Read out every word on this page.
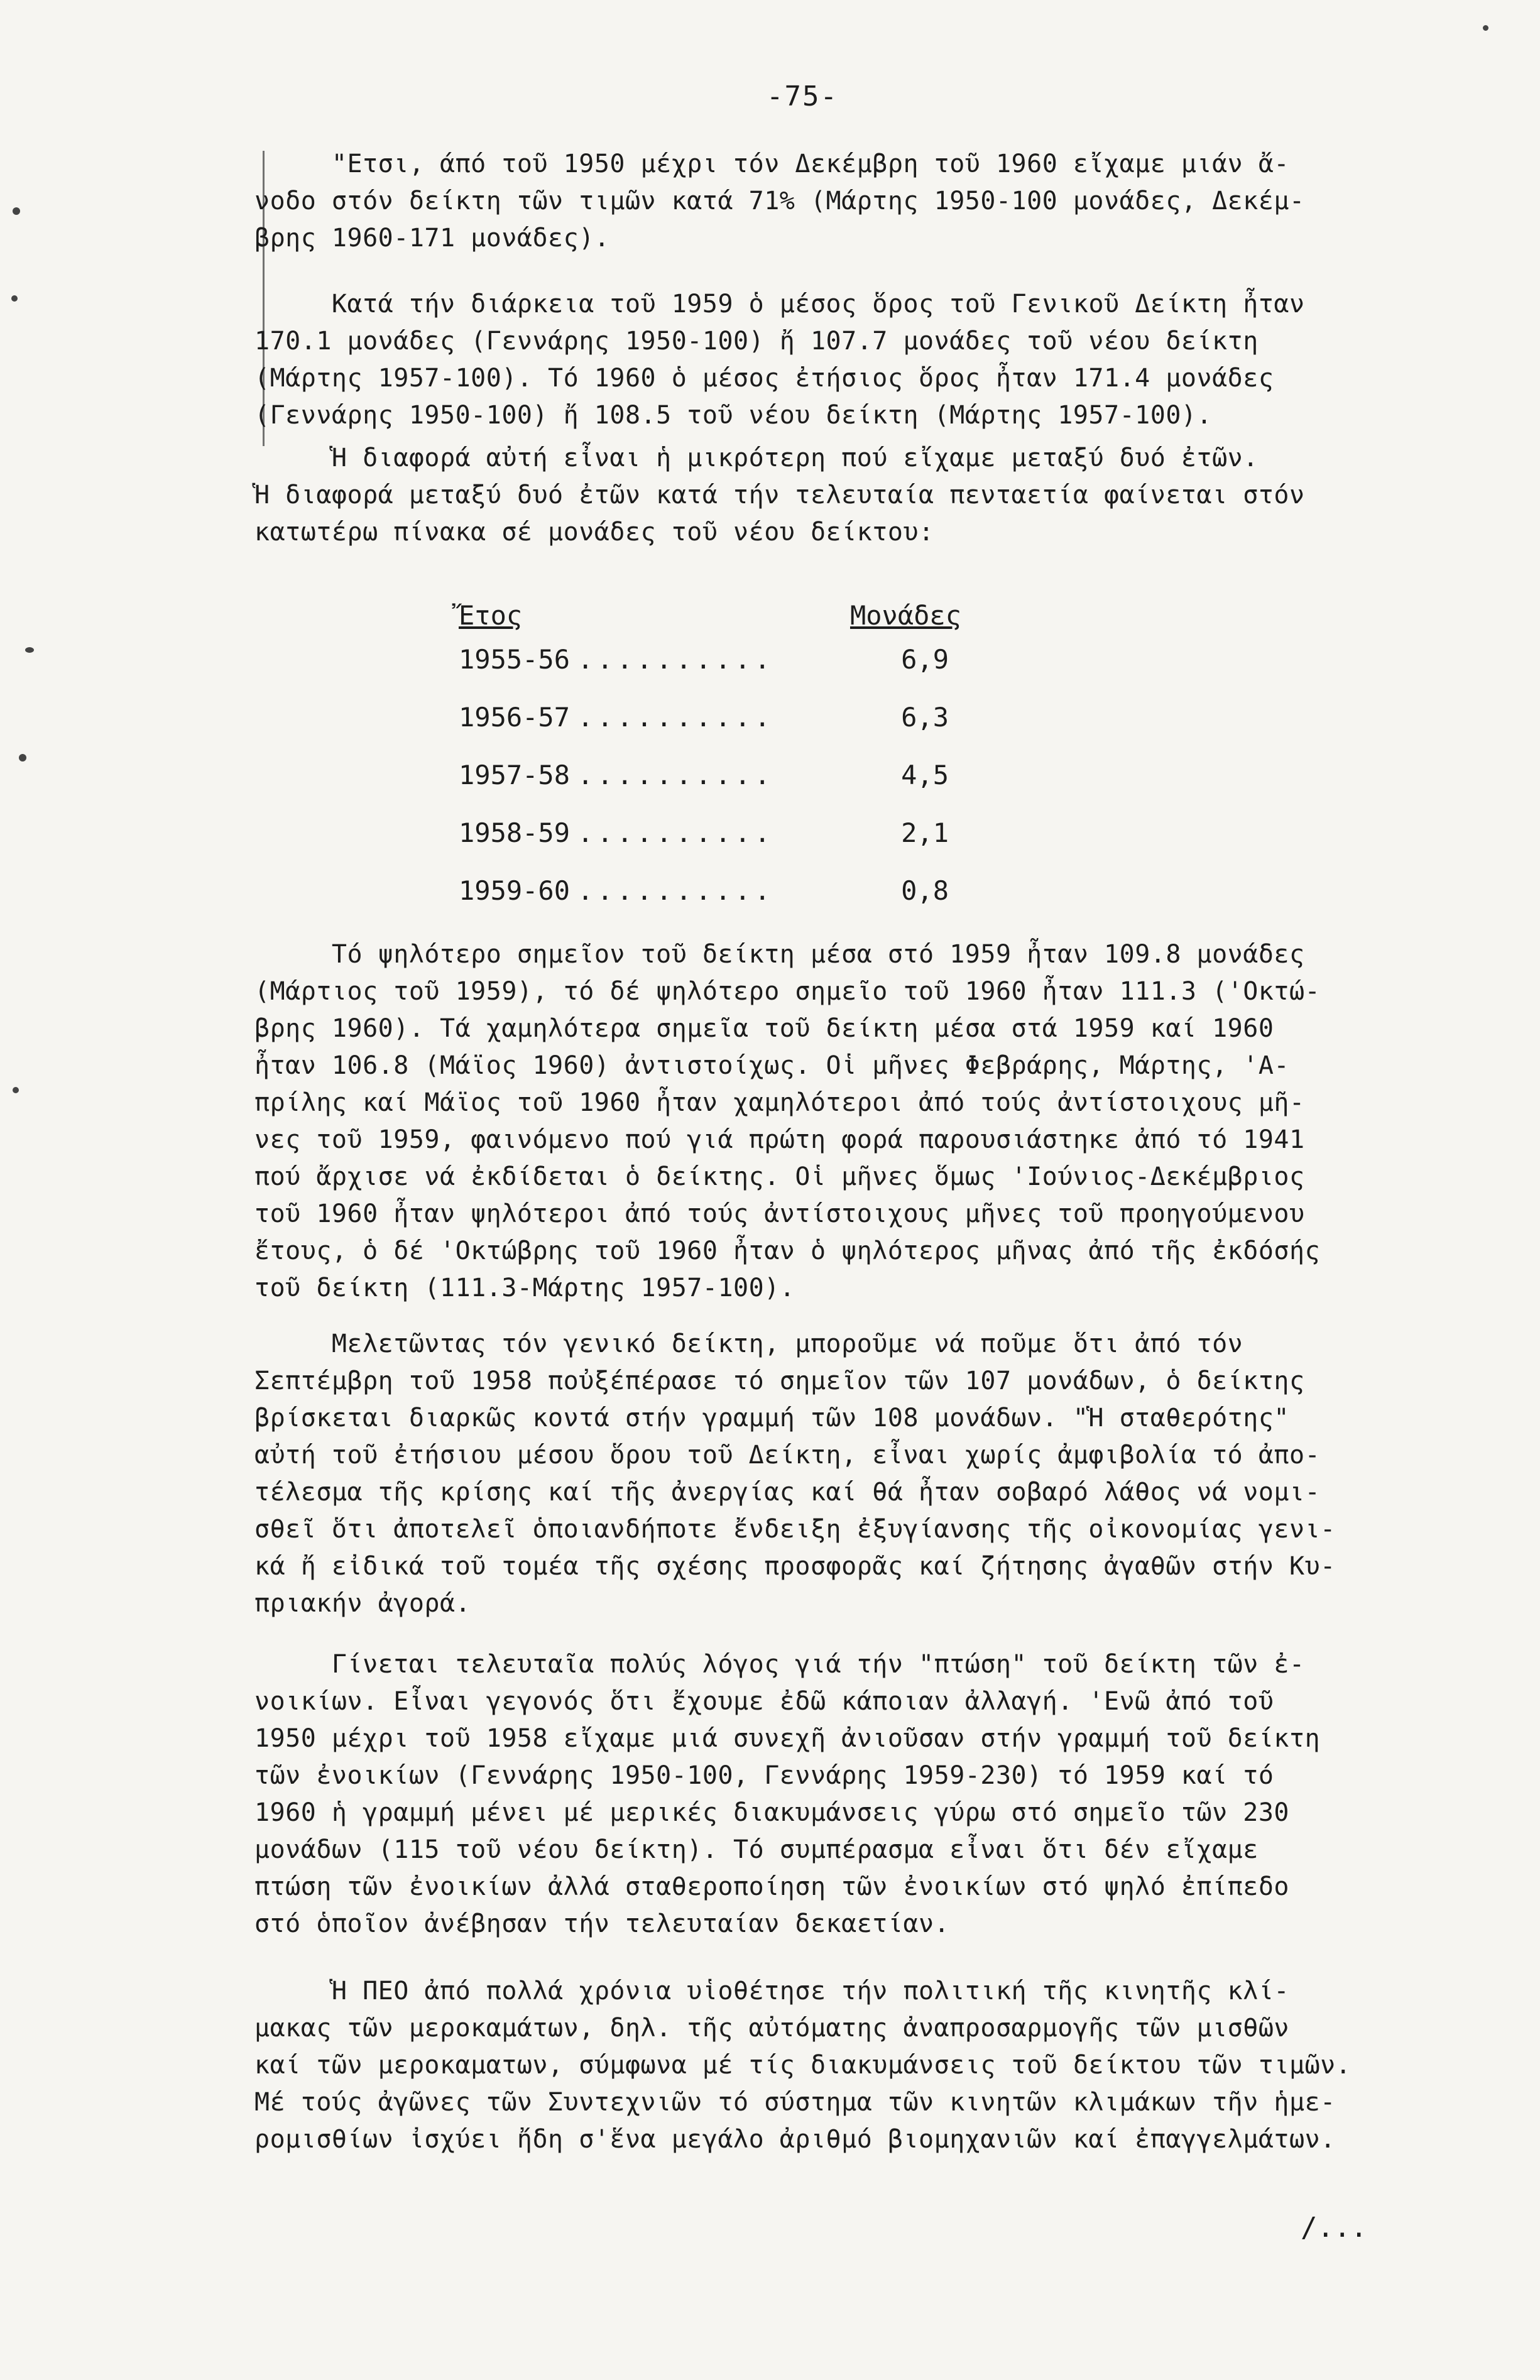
-75-
"Ετσι, άπό τοῦ 1950 μέχρι τόν Δεκέμβρη τοῦ 1960 εἴχαμε μιάν ἄ-
νοδο στόν δείκτη τῶν τιμῶν κατά 71% (Μάρτης 1950-100 μονάδες, Δεκέμ-
βρης 1960-171 μονάδες).
Κατά τήν διάρκεια τοῦ 1959 ὁ μέσος ὅρος τοῦ Γενικοῦ Δείκτη ἦταν
170.1 μονάδες (Γεννάρης 1950-100) ἤ 107.7 μονάδες τοῦ νέου δείκτη
(Μάρτης 1957-100). Τό 1960 ὁ μέσος ἐτήσιος ὅρος ἦταν 171.4 μονάδες
(Γεννάρης 1950-100) ἤ 108.5 τοῦ νέου δείκτη (Μάρτης 1957-100).
Ἡ διαφορά αὐτή εἶναι ἡ μικρότερη πού εἴχαμε μεταξύ δυό ἐτῶν.
Ἡ διαφορά μεταξύ δυό ἐτῶν κατά τήν τελευταία πενταετία φαίνεται στόν
κατωτέρω πίνακα σέ μονάδες τοῦ νέου δείκτου:
Ἔτος	Μονάδες
1955-56 ..........	6,9
1956-57 ..........	6,3
1957-58 ..........	4,5
1958-59 ..........	2,1
1959-60 ..........	0,8
Τό ψηλότερο σημεῖον τοῦ δείκτη μέσα στό 1959 ἦταν 109.8 μονάδες
(Μάρτιος τοῦ 1959), τό δέ ψηλότερο σημεῖο τοῦ 1960 ἦταν 111.3 ('Οκτώ-
βρης 1960). Τά χαμηλότερα σημεῖα τοῦ δείκτη μέσα στά 1959 καί 1960
ἦταν 106.8 (Μάϊος 1960) ἀντιστοίχως. Οἱ μῆνες Φεβράρης, Μάρτης, 'Α-
πρίλης καί Μάϊος τοῦ 1960 ἦταν χαμηλότεροι ἀπό τούς ἀντίστοιχους μῆ-
νες τοῦ 1959, φαινόμενο πού γιά πρώτη φορά παρουσιάστηκε ἀπό τό 1941
πού ἄρχισε νά ἐκδίδεται ὁ δείκτης. Οἱ μῆνες ὅμως 'Ιούνιος-Δεκέμβριος
τοῦ 1960 ἦταν ψηλότεροι ἀπό τούς ἀντίστοιχους μῆνες τοῦ προηγούμενου
ἔτους, ὁ δέ 'Οκτώβρης τοῦ 1960 ἦταν ὁ ψηλότερος μῆνας ἀπό τῆς ἐκδόσής
τοῦ δείκτη (111.3-Μάρτης 1957-100).
Μελετῶντας τόν γενικό δείκτη, μποροῦμε νά ποῦμε ὅτι ἀπό τόν
Σεπτέμβρη τοῦ 1958 ποὐξέπέρασε τό σημεῖον τῶν 107 μονάδων, ὁ δείκτης
βρίσκεται διαρκῶς κοντά στήν γραμμή τῶν 108 μονάδων. "Ἡ σταθερότης"
αὐτή τοῦ ἐτήσιου μέσου ὅρου τοῦ Δείκτη, εἶναι χωρίς ἀμφιβολία τό ἀπο-
τέλεσμα τῆς κρίσης καί τῆς ἀνεργίας καί θά ἦταν σοβαρό λάθος νά νομι-
σθεῖ ὅτι ἀποτελεῖ ὁποιανδήποτε ἔνδειξη ἐξυγίανσης τῆς οἰκονομίας γενι-
κά ἤ εἰδικά τοῦ τομέα τῆς σχέσης προσφορᾶς καί ζήτησης ἀγαθῶν στήν Κυ-
πριακήν ἀγορά.
Γίνεται τελευταῖα πολύς λόγος γιά τήν "πτώση" τοῦ δείκτη τῶν ἐ-
νοικίων. Εἶναι γεγονός ὅτι ἔχουμε ἐδῶ κάποιαν ἀλλαγή. 'Ενῶ ἀπό τοῦ
1950 μέχρι τοῦ 1958 εἴχαμε μιά συνεχῆ ἀνιοῦσαν στήν γραμμή τοῦ δείκτη
τῶν ἐνοικίων (Γεννάρης 1950-100, Γεννάρης 1959-230) τό 1959 καί τό
1960 ἡ γραμμή μένει μέ μερικές διακυμάνσεις γύρω στό σημεῖο τῶν 230
μονάδων (115 τοῦ νέου δείκτη). Τό συμπέρασμα εἶναι ὅτι δέν εἴχαμε
πτώση τῶν ἐνοικίων ἀλλά σταθεροποίηση τῶν ἐνοικίων στό ψηλό ἐπίπεδο
στό ὁποῖον ἀνέβησαν τήν τελευταίαν δεκαετίαν.
Ἡ ΠΕΟ ἀπό πολλά χρόνια υἱοθέτησε τήν πολιτική τῆς κινητῆς κλί-
μακας τῶν μεροκαμάτων, δηλ. τῆς αὐτόματης ἀναπροσαρμογῆς τῶν μισθῶν
καί τῶν μεροκαματων, σύμφωνα μέ τίς διακυμάνσεις τοῦ δείκτου τῶν τιμῶν.
Μέ τούς ἀγῶνες τῶν Συντεχνιῶν τό σύστημα τῶν κινητῶν κλιμάκων τῆν ἡμε-
ρομισθίων ἰσχύει ἤδη σ'ἕνα μεγάλο ἀριθμό βιομηχανιῶν καί ἐπαγγελμάτων.
/...
